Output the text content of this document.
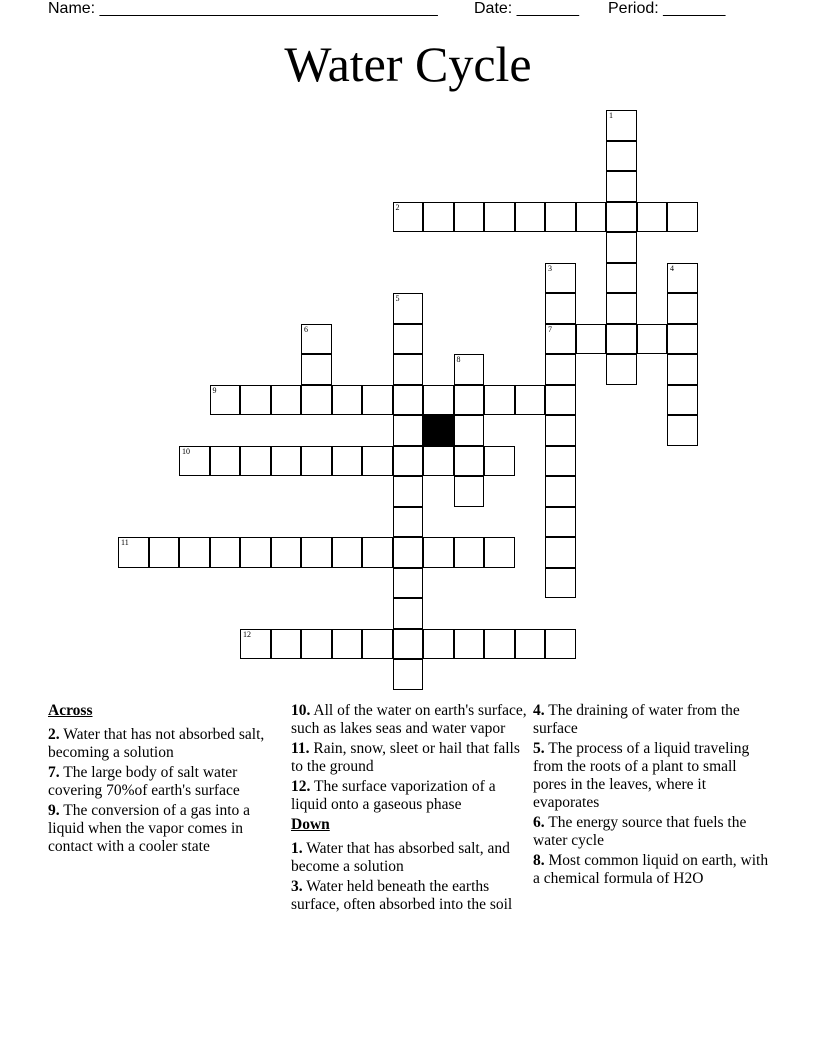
Name: ______________________________________ Date: _______ Period: _______
Water Cycle
1
2
3
7
4
5
6
8
9
10
11
12
Across
2. Water that has not absorbed salt, becoming a solution
7. The large body of salt water covering 70%of earth's surface
9. The conversion of a gas into a liquid when the vapor comes in contact with a cooler state
10. All of the water on earth's surface, such as lakes seas and water vapor
11. Rain, snow, sleet or hail that falls to the ground
12. The surface vaporization of a liquid onto a gaseous phase
Down
1. Water that has absorbed salt, and become a solution
3. Water held beneath the earths surface, often absorbed into the soil
4. The draining of water from the surface
5. The process of a liquid traveling from the roots of a plant to small pores in the leaves, where it evaporates
6. The energy source that fuels the water cycle
8. Most common liquid on earth, with a chemical formula of H2O
